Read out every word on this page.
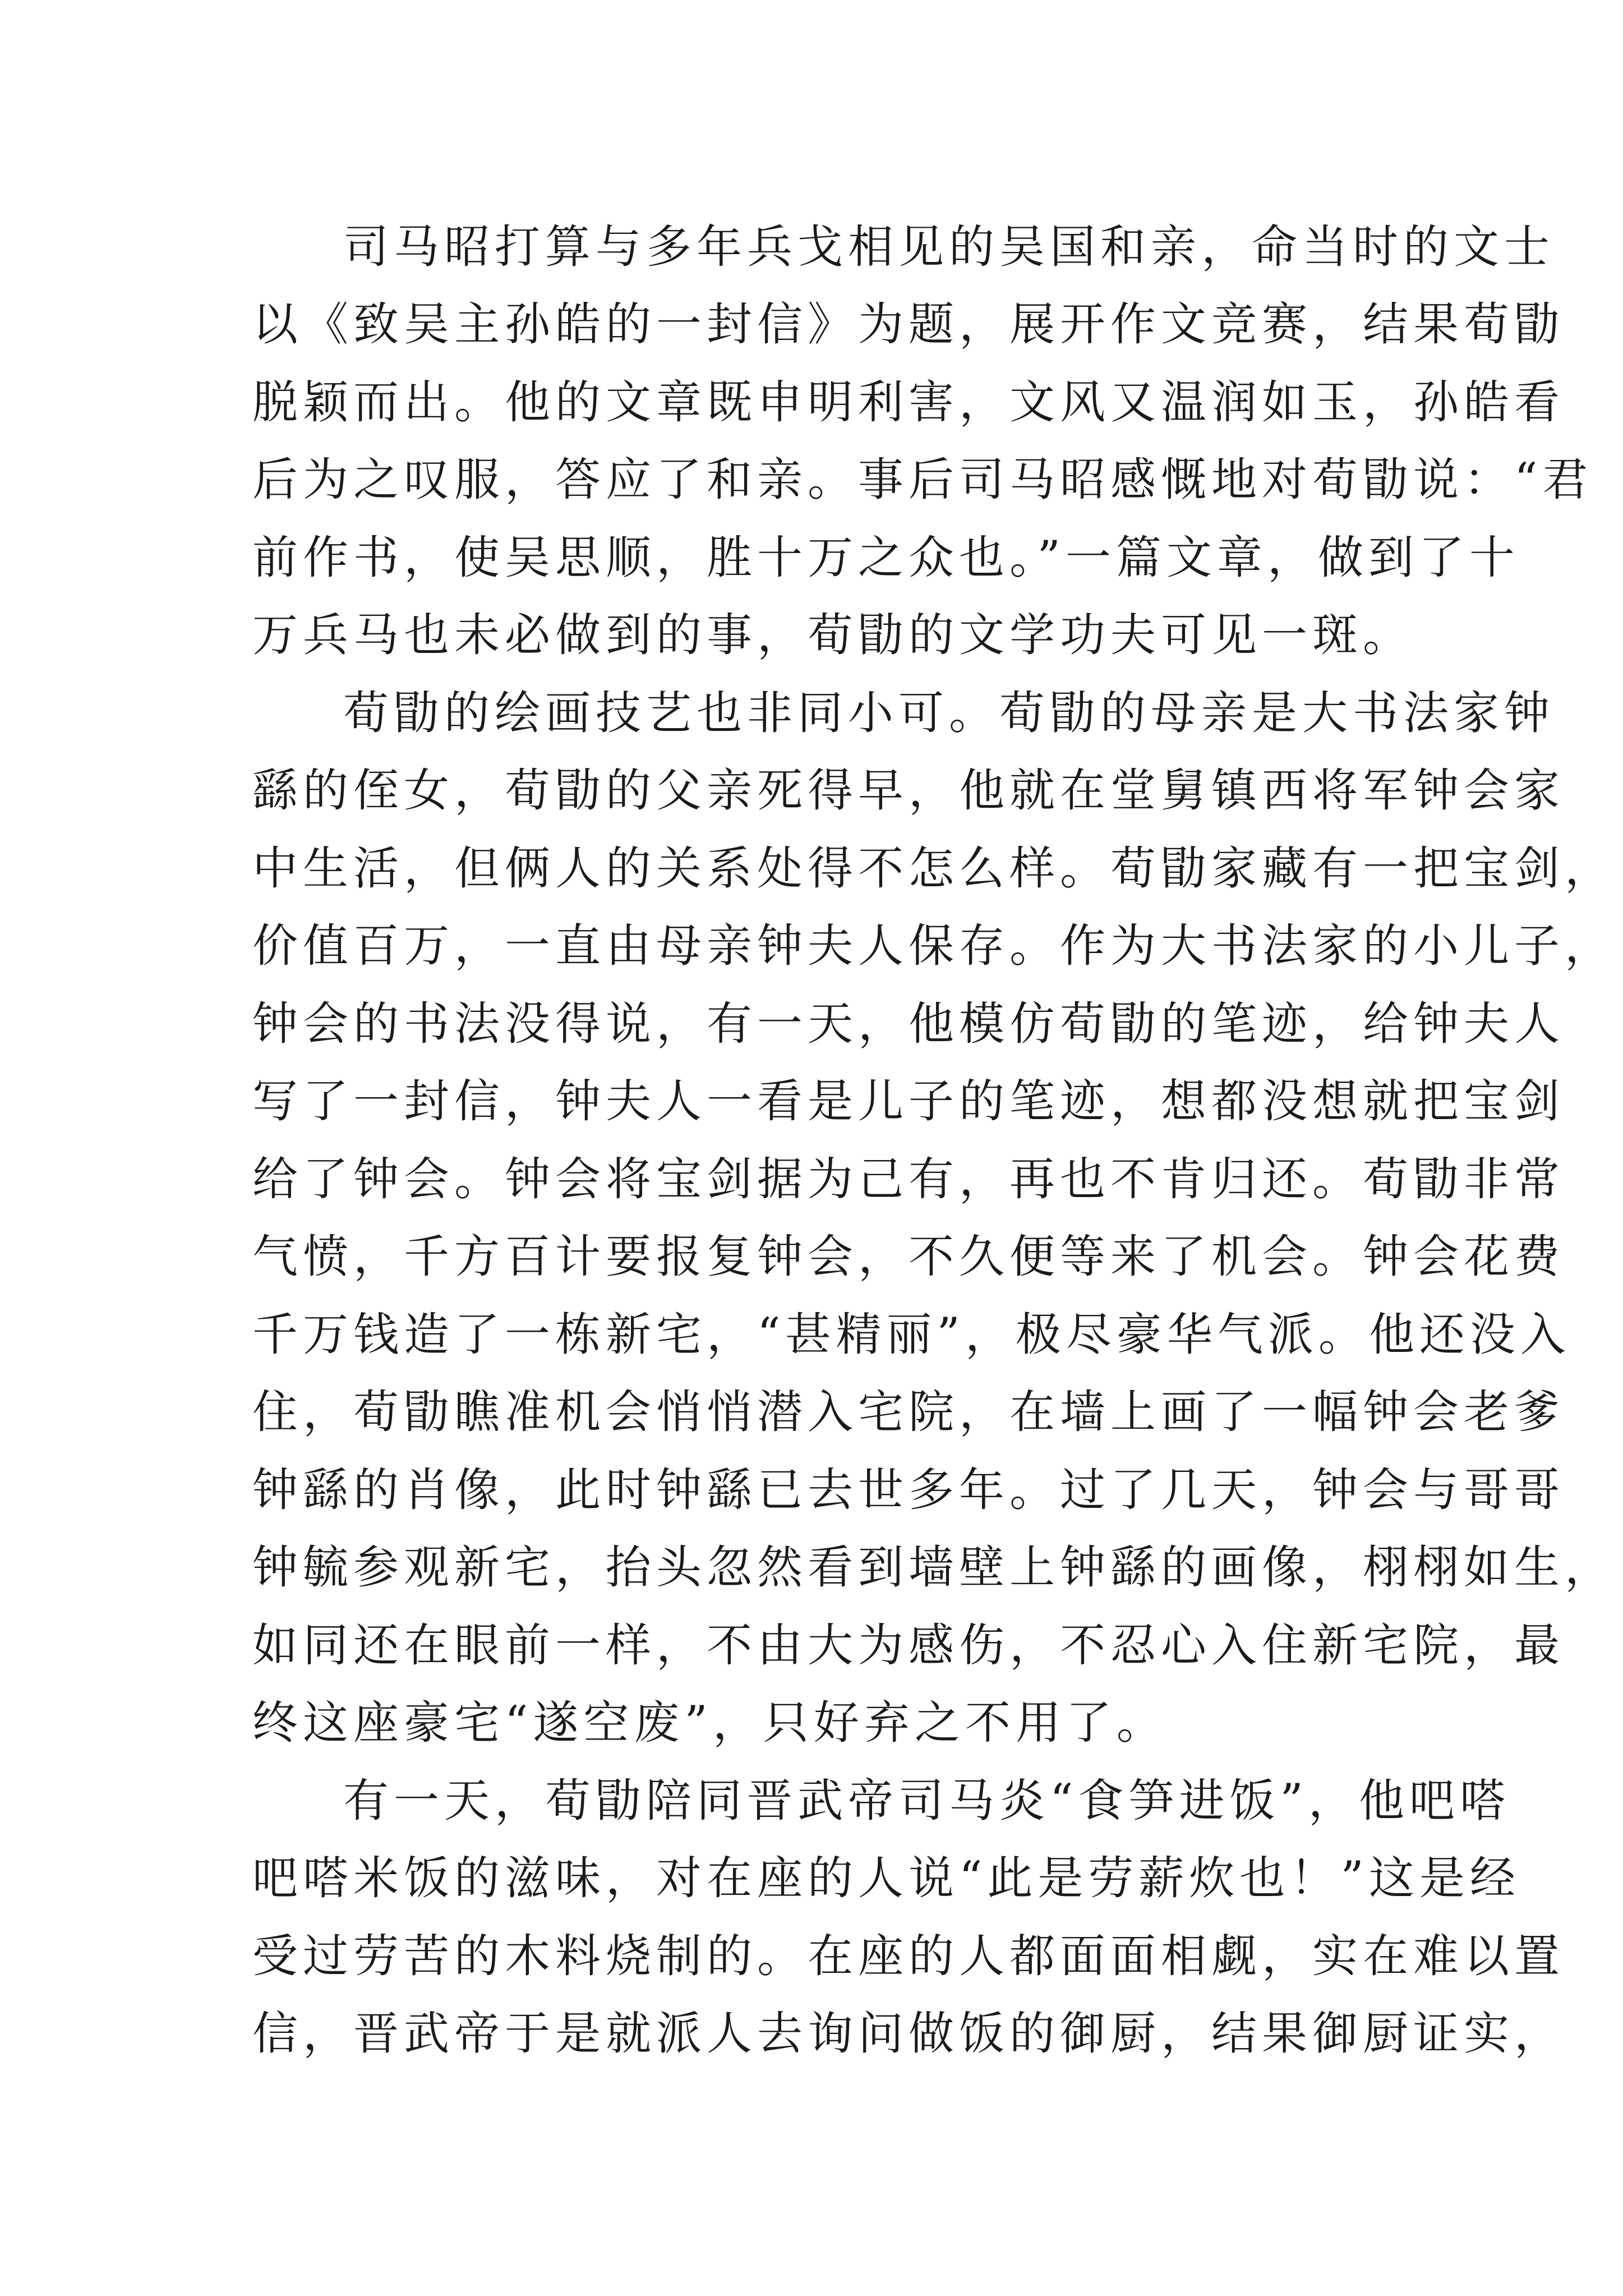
司马昭打算与多年兵戈相见的吴国和亲，命当时的文士
以《致吴主孙皓的一封信》为题，展开作文竞赛，结果荀勖
脱颖而出。他的文章既申明利害，文风又温润如玉，孙皓看
后为之叹服，答应了和亲。事后司马昭感慨地对荀勖说：“君
前作书，使吴思顺，胜十万之众也。”一篇文章，做到了十
万兵马也未必做到的事，荀勖的文学功夫可见一斑。
荀勖的绘画技艺也非同小可。荀勖的母亲是大书法家钟
繇的侄女，荀勖的父亲死得早，他就在堂舅镇西将军钟会家
中生活，但俩人的关系处得不怎么样。荀勖家藏有一把宝剑，
价值百万，一直由母亲钟夫人保存。作为大书法家的小儿子，
钟会的书法没得说，有一天，他模仿荀勖的笔迹，给钟夫人
写了一封信，钟夫人一看是儿子的笔迹，想都没想就把宝剑
给了钟会。钟会将宝剑据为己有，再也不肯归还。荀勖非常
气愤，千方百计要报复钟会，不久便等来了机会。钟会花费
千万钱造了一栋新宅，“甚精丽”，极尽豪华气派。他还没入
住，荀勖瞧准机会悄悄潜入宅院，在墙上画了一幅钟会老爹
钟繇的肖像，此时钟繇已去世多年。过了几天，钟会与哥哥
钟毓参观新宅，抬头忽然看到墙壁上钟繇的画像，栩栩如生，
如同还在眼前一样，不由大为感伤，不忍心入住新宅院，最
终这座豪宅“遂空废”，只好弃之不用了。
有一天，荀勖陪同晋武帝司马炎“食笋进饭”，他吧嗒
吧嗒米饭的滋味，对在座的人说“此是劳薪炊也！”这是经
受过劳苦的木料烧制的。在座的人都面面相觑，实在难以置
信，晋武帝于是就派人去询问做饭的御厨，结果御厨证实，
